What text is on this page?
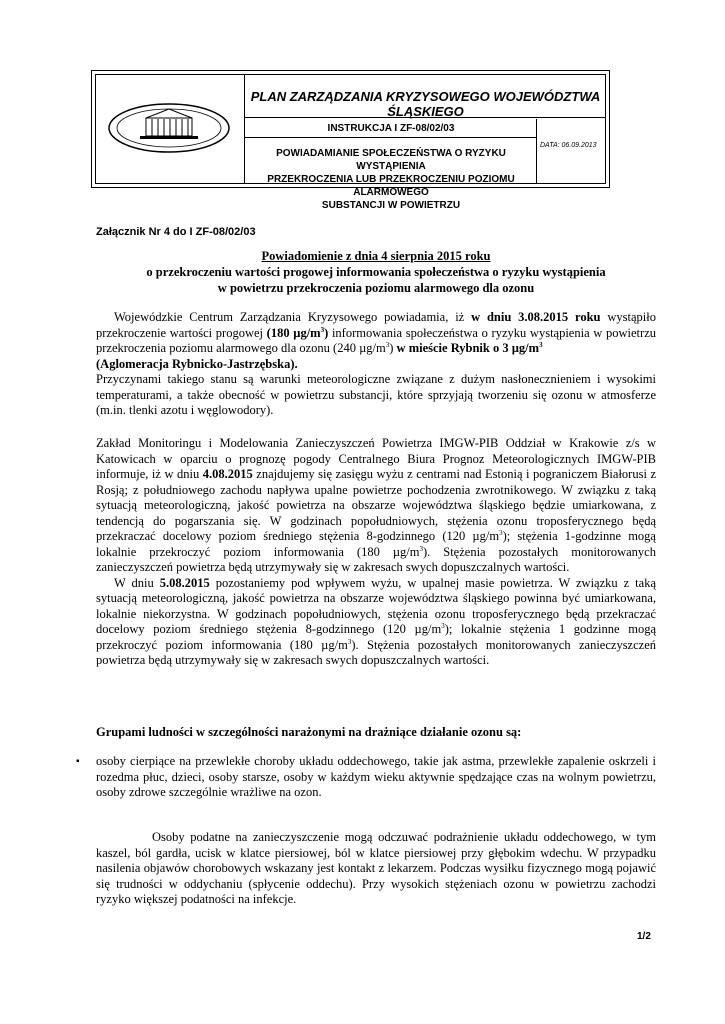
PLAN ZARZĄDZANIA KRYZYSOWEGO WOJEWÓDZTWA ŚLĄSKIEGO
INSTRUKCJA I ZF-08/02/03
POWIADAMIANIE SPOŁECZEŃSTWA O RYZYKU WYSTĄPIENIA
PRZEKROCZENIA LUB PRZEKROCZENIU POZIOMU ALARMOWEGO
SUBSTANCJI W POWIETRZU
DATA: 06.09.2013
Załącznik Nr 4 do I ZF-08/02/03
Powiadomienie z dnia 4 sierpnia 2015 roku
o przekroczeniu wartości progowej informowania społeczeństwa o ryzyku wystąpienia
w powietrzu przekroczenia poziomu alarmowego dla ozonu
Wojewódzkie Centrum Zarządzania Kryzysowego powiadamia, iż w dniu 3.08.2015 roku wystąpiło przekroczenie wartości progowej (180 $\mu g/m^3$) informowania społeczeństwa o ryzyku wystąpienia w powietrzu przekroczenia poziomu alarmowego dla ozonu (240 $\mu g/m^3$) w mieście Rybnik o 3 $\mu g/m^3$
(Aglomeracja Rybnicko-Jastrzębska).
Przyczynami takiego stanu są warunki meteorologiczne związane z dużym nasłonecznieniem i wysokimi temperaturami, a także obecność w powietrzu substancji, które sprzyjają tworzeniu się ozonu w atmosferze (m.in. tlenki azotu i węglowodory).
Zakład Monitoringu i Modelowania Zanieczyszczeń Powietrza IMGW-PIB Oddział w Krakowie z/s w Katowicach w oparciu o prognozę pogody Centralnego Biura Prognoz Meteorologicznych IMGW-PIB informuje, iż w dniu 4.08.2015 znajdujemy się zasięgu wyżu z centrami nad Estonią i pograniczem Białorusi z Rosją; z południowego zachodu napływa upalne powietrze pochodzenia zwrotnikowego. W związku z taką sytuacją meteorologiczną, jakość powietrza na obszarze województwa śląskiego będzie umiarkowana, z tendencją do pogarszania się. W godzinach popołudniowych, stężenia ozonu troposferycznego będą przekraczać docelowy poziom średniego stężenia 8-godzinnego (120 $\mu g/m^3$); stężenia 1-godzinne mogą lokalnie przekroczyć poziom informowania (180 $\mu g/m^3$). Stężenia pozostałych monitorowanych zanieczyszczeń powietrza będą utrzymywały się w zakresach swych dopuszczalnych wartości.
W dniu 5.08.2015 pozostaniemy pod wpływem wyżu, w upalnej masie powietrza. W związku z taką sytuacją meteorologiczną, jakość powietrza na obszarze województwa śląskiego powinna być umiarkowana, lokalnie niekorzystna. W godzinach popołudniowych, stężenia ozonu troposferycznego będą przekraczać docelowy poziom średniego stężenia 8-godzinnego (120 $\mu g/m^3$); lokalnie stężenia 1 godzinne mogą przekroczyć poziom informowania (180 $\mu g/m^3$). Stężenia pozostałych monitorowanych zanieczyszczeń powietrza będą utrzymywały się w zakresach swych dopuszczalnych wartości.
Grupami ludności w szczególności narażonymi na drażniące działanie ozonu są:
▪ osoby cierpiące na przewlekłe choroby układu oddechowego, takie jak astma, przewlekłe zapalenie oskrzeli i rozedma płuc, dzieci, osoby starsze, osoby w każdym wieku aktywnie spędzające czas na wolnym powietrzu, osoby zdrowe szczególnie wrażliwe na ozon.
Osoby podatne na zanieczyszczenie mogą odczuwać podrażnienie układu oddechowego, w tym kaszel, ból gardła, ucisk w klatce piersiowej, ból w klatce piersiowej przy głębokim wdechu. W przypadku nasilenia objawów chorobowych wskazany jest kontakt z lekarzem. Podczas wysiłku fizycznego mogą pojawić się trudności w oddychaniu (spłycenie oddechu). Przy wysokich stężeniach ozonu w powietrzu zachodzi ryzyko większej podatności na infekcje.
1/2
